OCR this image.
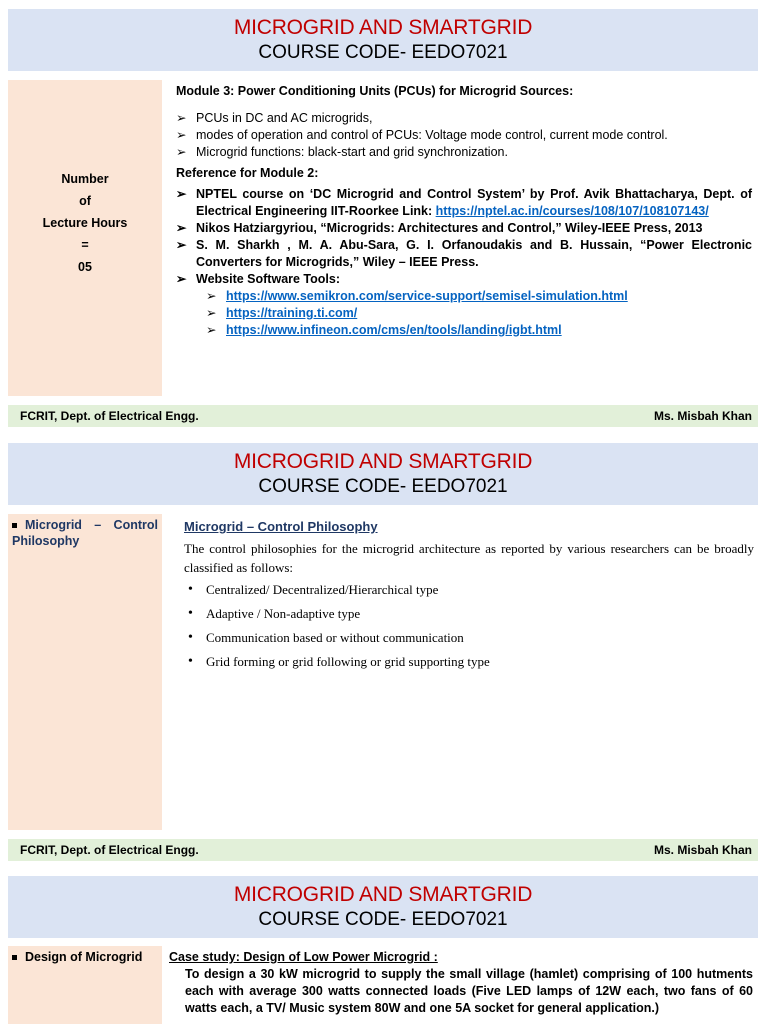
MICROGRID AND SMARTGRID
COURSE CODE- EEDO7021
Number
of
Lecture Hours
=
05
Module 3: Power Conditioning Units (PCUs) for Microgrid Sources:
➢ PCUs in DC and AC microgrids,
➢ modes of operation and control of PCUs: Voltage mode control, current mode control.
➢ Microgrid functions: black-start and grid synchronization.
Reference for Module 2:
➢ NPTEL course on ‘DC Microgrid and Control System’ by Prof. Avik Bhattacharya, Dept. of Electrical Engineering IIT-Roorkee Link: https://nptel.ac.in/courses/108/107/108107143/
➢ Nikos Hatziargyriou, “Microgrids: Architectures and Control,” Wiley-IEEE Press, 2013
➢ S. M. Sharkh , M. A. Abu-Sara, G. I. Orfanoudakis and B. Hussain, “Power Electronic Converters for Microgrids,” Wiley – IEEE Press.
➢ Website Software Tools:
➢ https://www.semikron.com/service-support/semisel-simulation.html
➢ https://training.ti.com/
➢ https://www.infineon.com/cms/en/tools/landing/igbt.html
FCRIT, Dept. of Electrical Engg.	Ms. Misbah Khan
MICROGRID AND SMARTGRID
COURSE CODE- EEDO7021
Microgrid – Control Philosophy
Microgrid – Control Philosophy
The control philosophies for the microgrid architecture as reported by various researchers can be broadly classified as follows:
• Centralized/ Decentralized/Hierarchical type
• Adaptive / Non-adaptive type
• Communication based or without communication
• Grid forming or grid following or grid supporting type
FCRIT, Dept. of Electrical Engg.	Ms. Misbah Khan
MICROGRID AND SMARTGRID
COURSE CODE- EEDO7021
Design of Microgrid	Case study: Design of Low Power Microgrid :
To design a 30 kW microgrid to supply the small village (hamlet) comprising of 100 hutments each with average 300 watts connected loads (Five LED lamps of 12W each, two fans of 60 watts each, a TV/ Music system 80W and one 5A socket for general application.)
